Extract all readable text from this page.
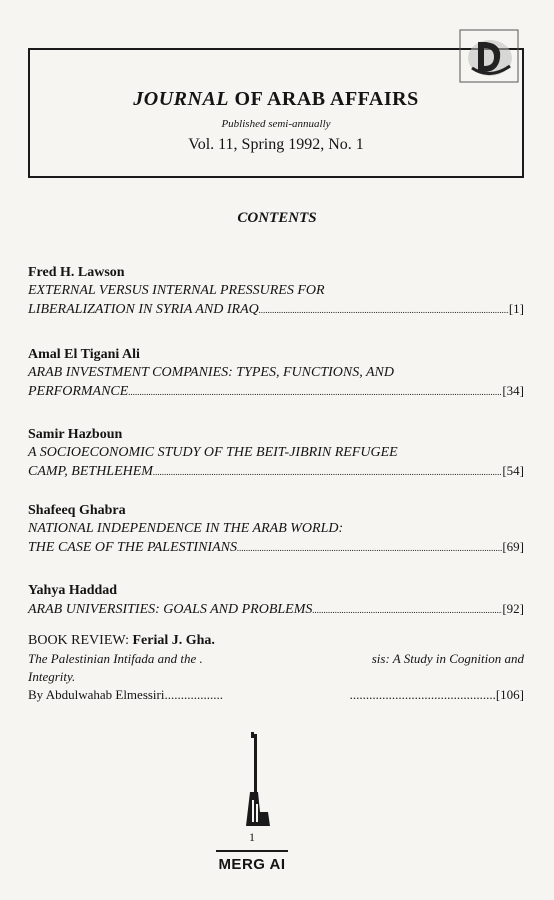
JOURNAL OF ARAB AFFAIRS
Published semi-annually
Vol. 11, Spring 1992, No. 1
CONTENTS
Fred H. Lawson
EXTERNAL VERSUS INTERNAL PRESSURES FOR
LIBERALIZATION IN SYRIA AND IRAQ .....	[1]
Amal El Tigani Ali
ARAB INVESTMENT COMPANIES: TYPES, FUNCTIONS, AND
PERFORMANCE .....	[34]
Samir Hazboun
A SOCIOECONOMIC STUDY OF THE BEIT-JIBRIN REFUGEE
CAMP, BETHLEHEM .....	[54]
Shafeeq Ghabra
NATIONAL INDEPENDENCE IN THE ARAB WORLD:
THE CASE OF THE PALESTINIANS .....	[69]
Yahya Haddad
ARAB UNIVERSITIES: GOALS AND PROBLEMS .....	[92]
BOOK REVIEW: Ferial J. Gha.
The Palestinian Intifada and the .	sis: A Study in Cognition and
Integrity.
By Abdulwahab Elmessiri..................	.............................................[106]
1
MERG AI
